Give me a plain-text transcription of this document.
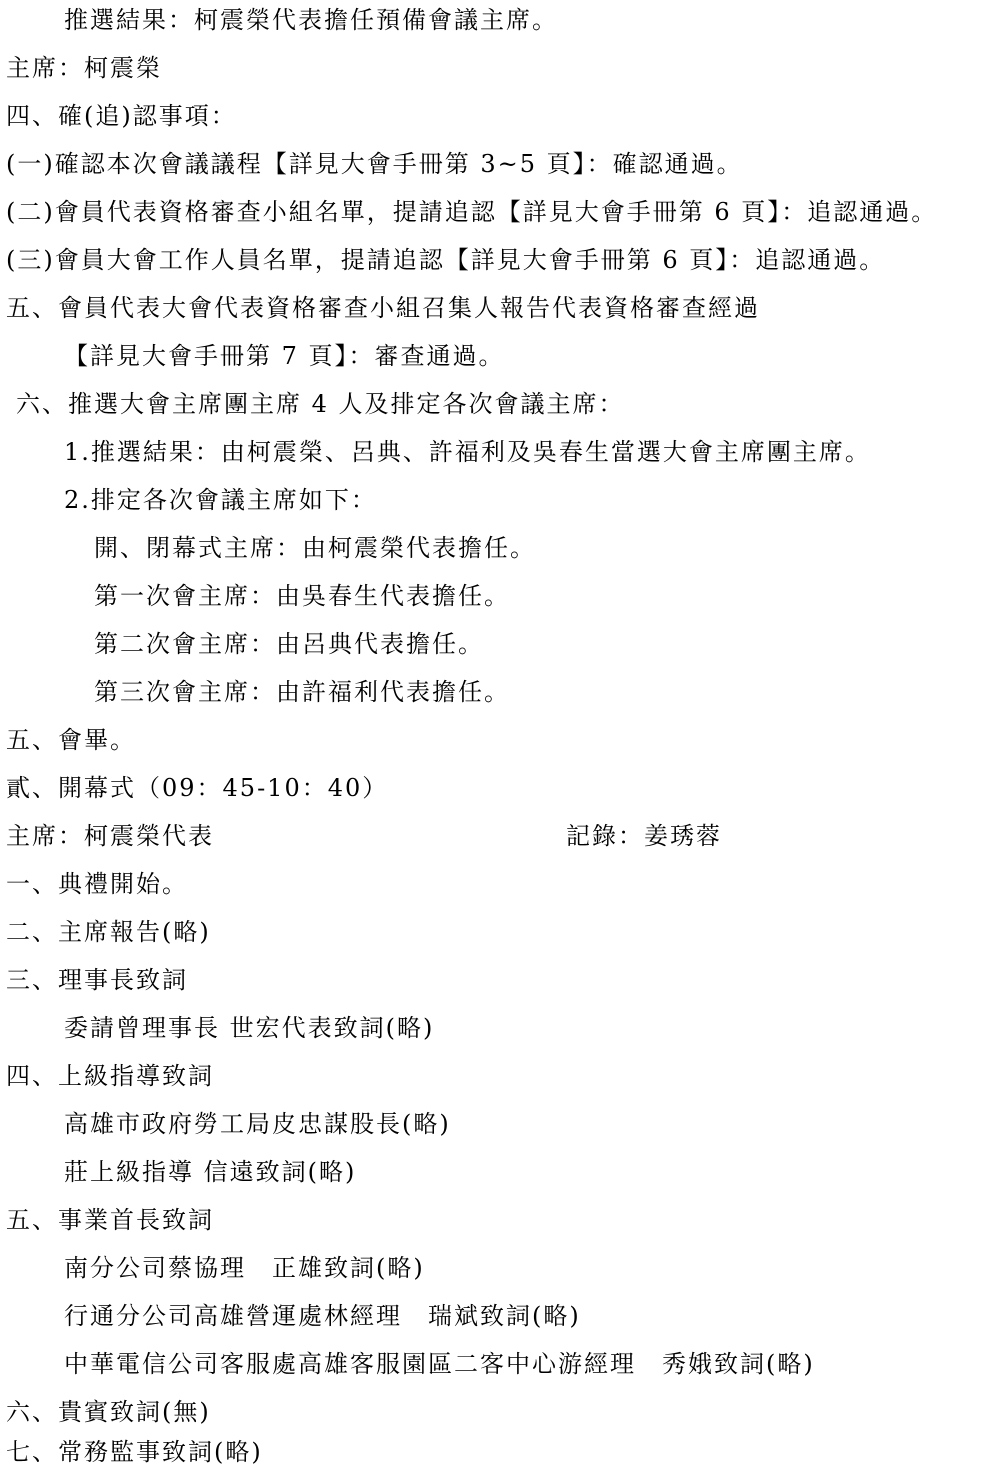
推選結果：柯震榮代表擔任預備會議主席。
主席：柯震榮
四、確(追)認事項：
(一)確認本次會議議程【詳見大會手冊第 3~5 頁】：確認通過。
(二)會員代表資格審查小組名單，提請追認【詳見大會手冊第 6 頁】：追認通過。
(三)會員大會工作人員名單，提請追認【詳見大會手冊第 6 頁】：追認通過。
五、會員代表大會代表資格審查小組召集人報告代表資格審查經過
【詳見大會手冊第 7 頁】：審查通過。
六、推選大會主席團主席 4 人及排定各次會議主席：
1.推選結果：由柯震榮、呂典、許福利及吳春生當選大會主席團主席。
2.排定各次會議主席如下：
開、閉幕式主席：由柯震榮代表擔任。
第一次會主席：由吳春生代表擔任。
第二次會主席：由呂典代表擔任。
第三次會主席：由許福利代表擔任。
五、會畢。
貳、開幕式（09：45-10：40）
主席：柯震榮代表	記錄：姜琇蓉
一、典禮開始。
二、主席報告(略)
三、理事長致詞
委請曾理事長 世宏代表致詞(略)
四、上級指導致詞
高雄市政府勞工局皮忠謀股長(略)
莊上級指導 信遠致詞(略)
五、事業首長致詞
南分公司蔡協理　正雄致詞(略)
行通分公司高雄營運處林經理　瑞斌致詞(略)
中華電信公司客服處高雄客服園區二客中心游經理　秀娥致詞(略)
六、貴賓致詞(無)
七、常務監事致詞(略)
